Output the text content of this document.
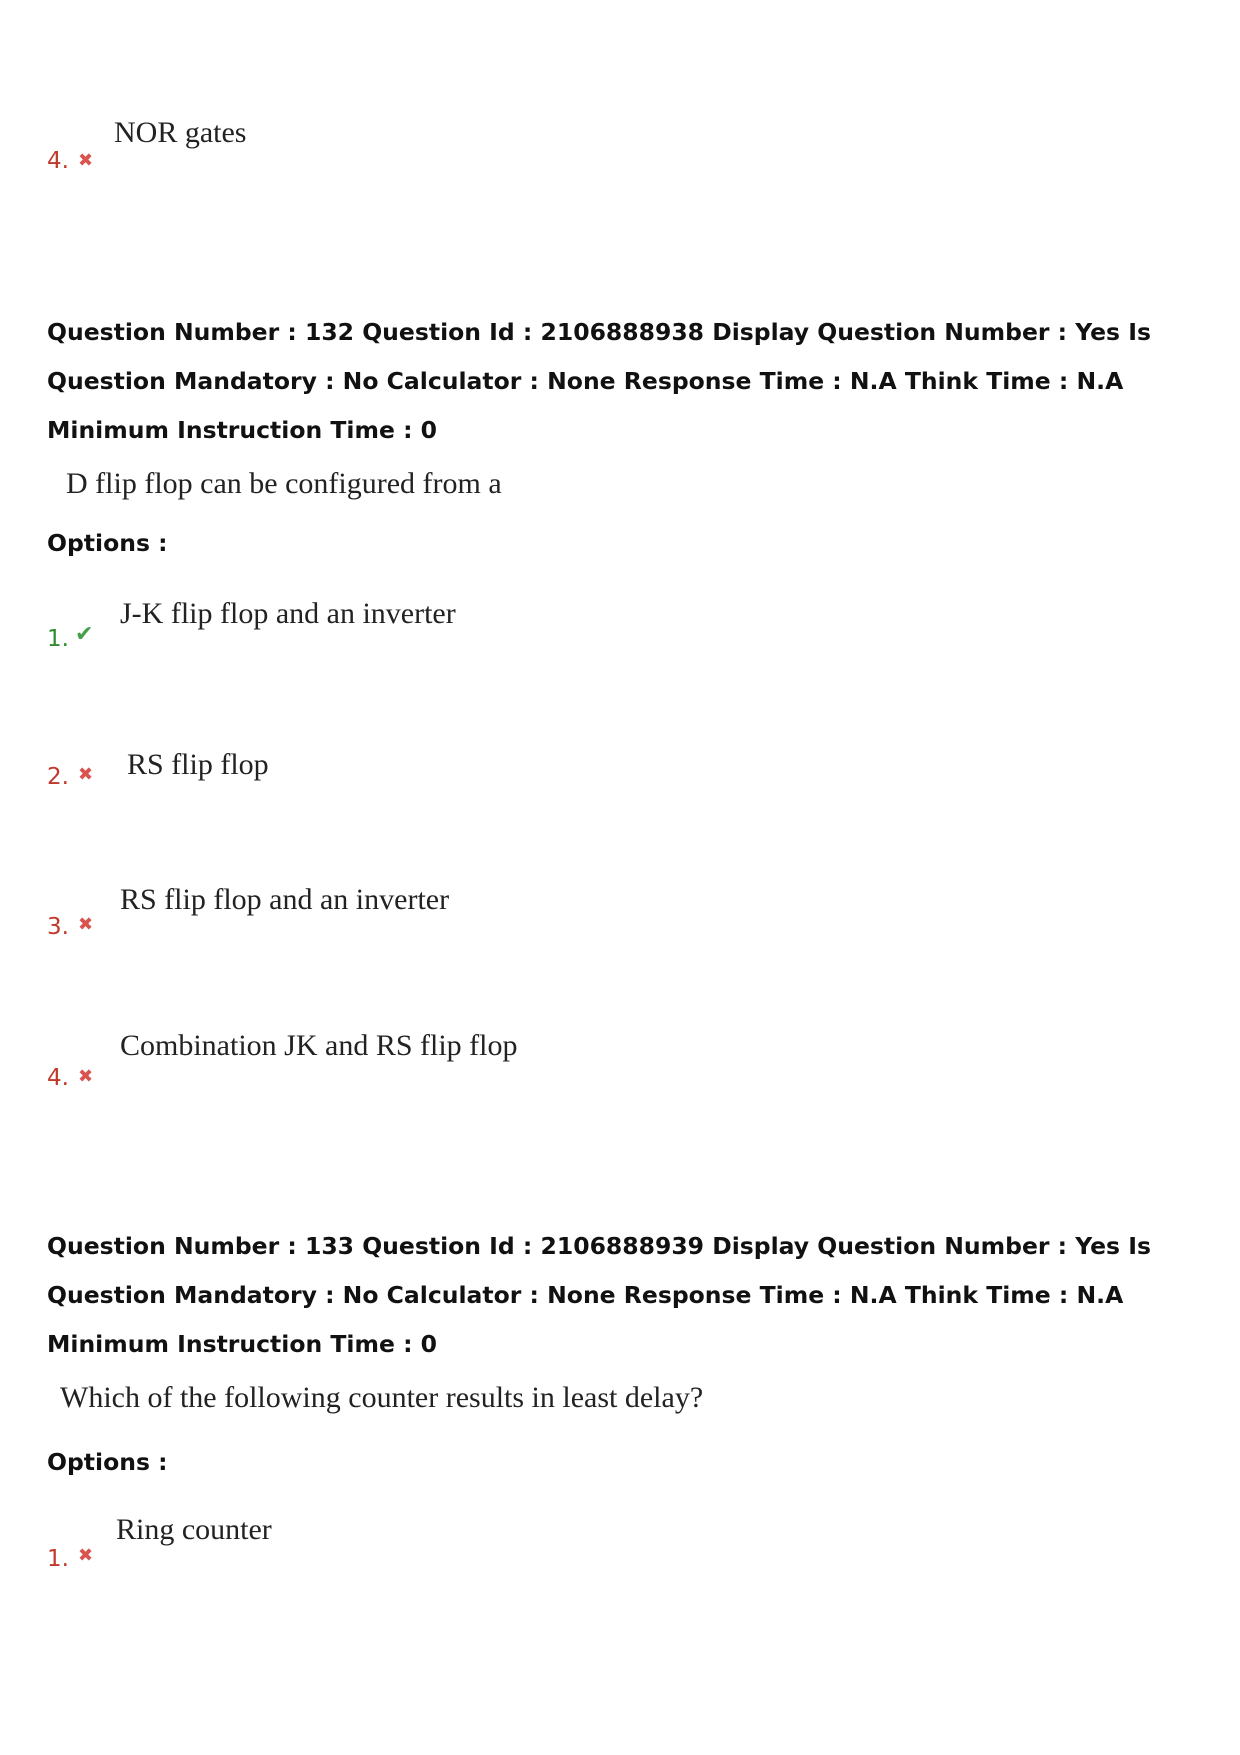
4. ✖
NOR gates
Question Number : 132 Question Id : 2106888938 Display Question Number : Yes Is Question Mandatory : No Calculator : None Response Time : N.A Think Time : N.A Minimum Instruction Time : 0
D flip flop can be configured from a
Options :
1. ✔
J-K flip flop and an inverter
2. ✖ RS flip flop
3. ✖
RS flip flop and an inverter
4. ✖
Combination JK and RS flip flop
Question Number : 133 Question Id : 2106888939 Display Question Number : Yes Is Question Mandatory : No Calculator : None Response Time : N.A Think Time : N.A Minimum Instruction Time : 0
Which of the following counter results in least delay?
Options :
1. ✖
Ring counter
